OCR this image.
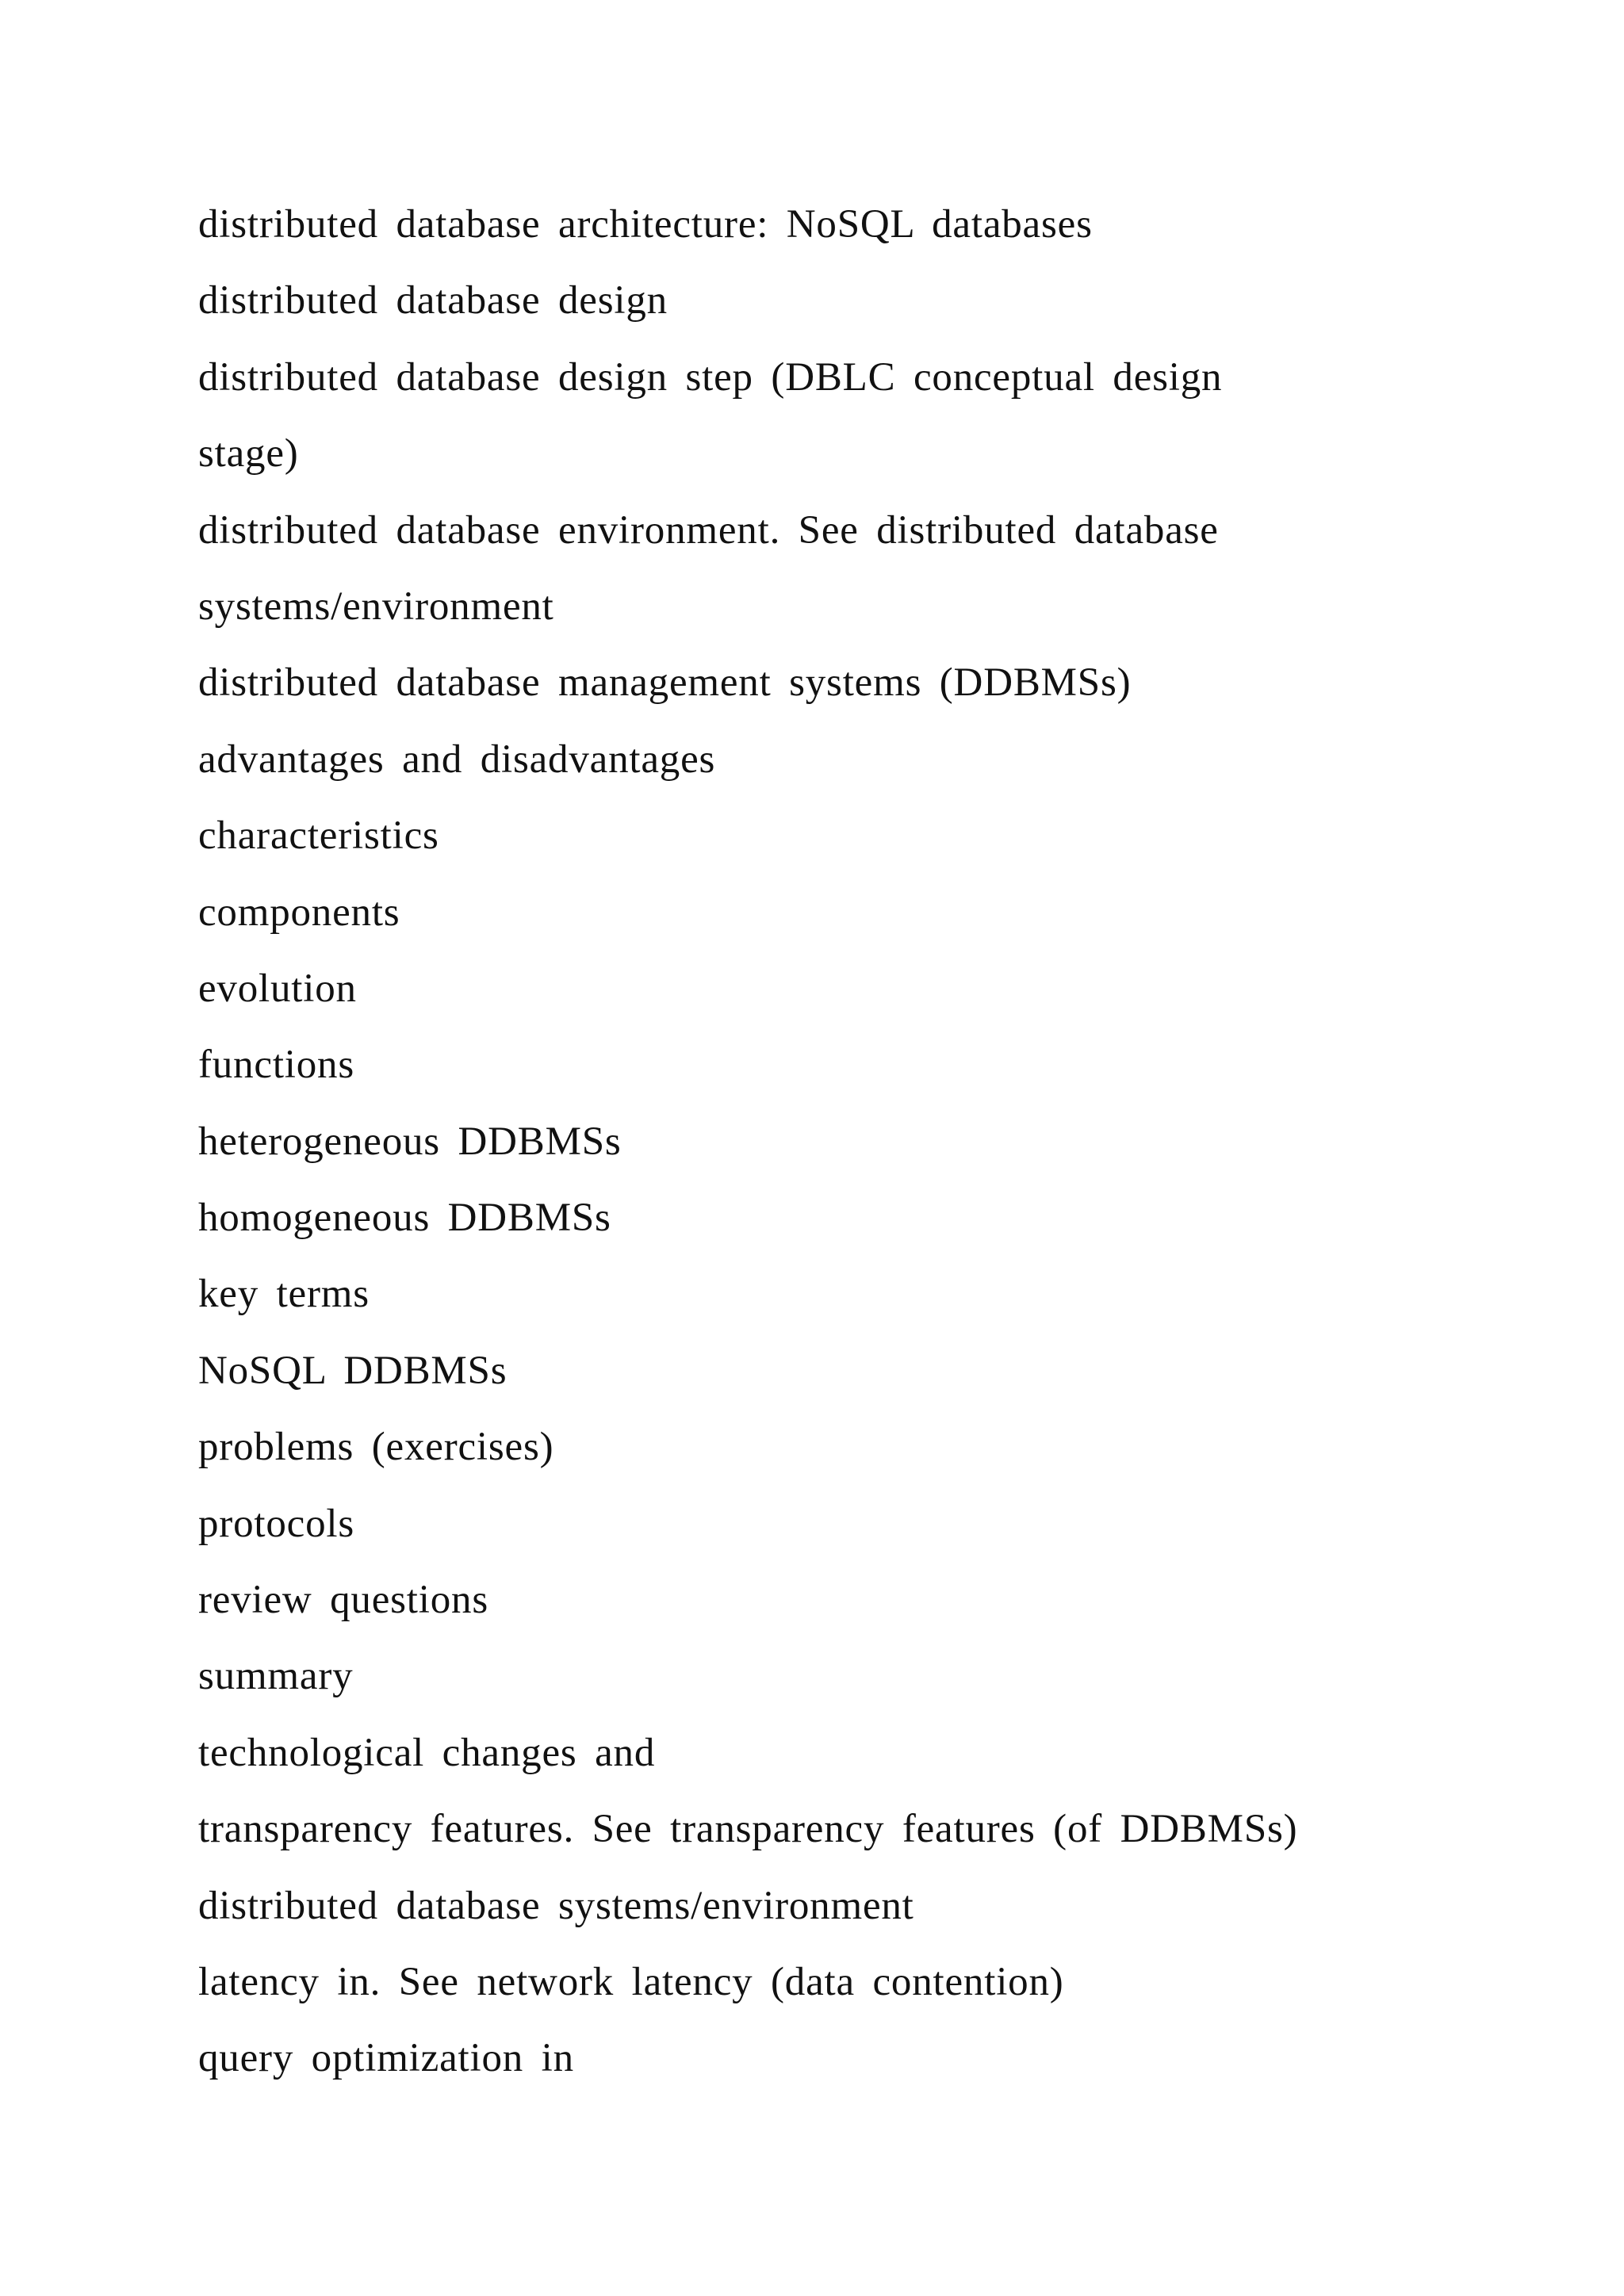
distributed database architecture: NoSQL databases
distributed database design
distributed database design step (DBLC conceptual design
stage)
distributed database environment. See distributed database
systems/environment
distributed database management systems (DDBMSs)
advantages and disadvantages
characteristics
components
evolution
functions
heterogeneous DDBMSs
homogeneous DDBMSs
key terms
NoSQL DDBMSs
problems (exercises)
protocols
review questions
summary
technological changes and
transparency features. See transparency features (of DDBMSs)
distributed database systems/environment
latency in. See network latency (data contention)
query optimization in
